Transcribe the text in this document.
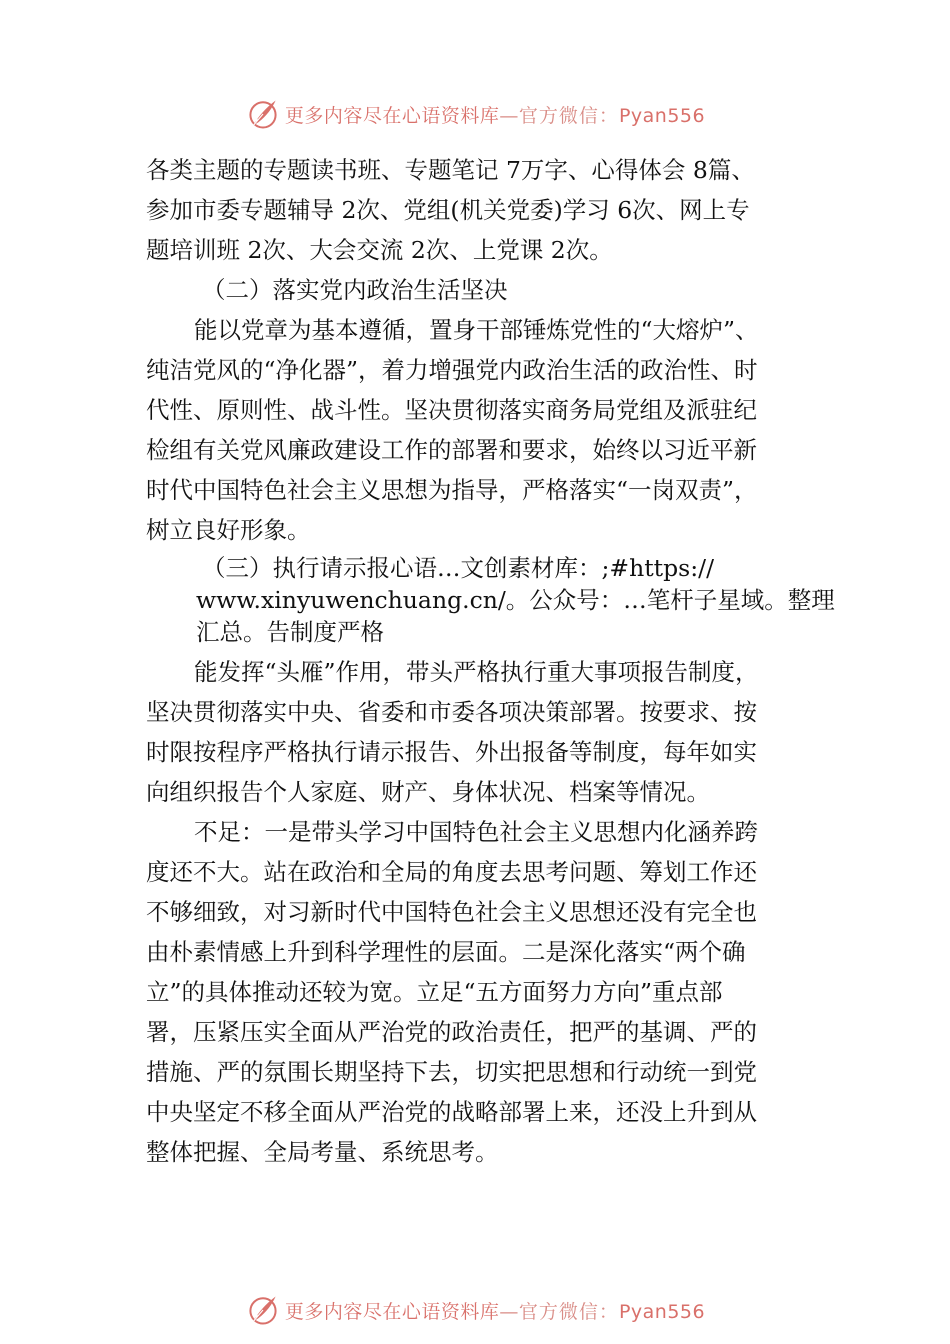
更多内容尽在心语资料库—官方微信：Pyan556

各类主题的专题读书班、专题笔记 7万字、心得体会 8篇、
参加市委专题辅导 2次、党组(机关党委)学习 6次、网上专
题培训班 2次、大会交流 2次、上党课 2次。

（二）落实党内政治生活坚决

能以党章为基本遵循，置身干部锤炼党性的“大熔炉”、
纯洁党风的“净化器”，着力增强党内政治生活的政治性、时
代性、原则性、战斗性。坚决贯彻落实商务局党组及派驻纪
检组有关党风廉政建设工作的部署和要求，始终以习近平新
时代中国特色社会主义思想为指导，严格落实“一岗双责”，
树立良好形象。

（三）执行请示报心语…文创素材库：;#https://
www.xinyuwenchuang.cn/。公众号：…笔杆子星域。整理
汇总。告制度严格

能发挥“头雁”作用，带头严格执行重大事项报告制度，
坚决贯彻落实中央、省委和市委各项决策部署。按要求、按
时限按程序严格执行请示报告、外出报备等制度，每年如实
向组织报告个人家庭、财产、身体状况、档案等情况。

不足：一是带头学习中国特色社会主义思想内化涵养跨
度还不大。站在政治和全局的角度去思考问题、筹划工作还
不够细致，对习新时代中国特色社会主义思想还没有完全也
由朴素情感上升到科学理性的层面。二是深化落实“两个确
立”的具体推动还较为宽。立足“五方面努力方向”重点部
署，压紧压实全面从严治党的政治责任，把严的基调、严的
措施、严的氛围长期坚持下去，切实把思想和行动统一到党
中央坚定不移全面从严治党的战略部署上来，还没上升到从
整体把握、全局考量、系统思考。

更多内容尽在心语资料库—官方微信：Pyan556
